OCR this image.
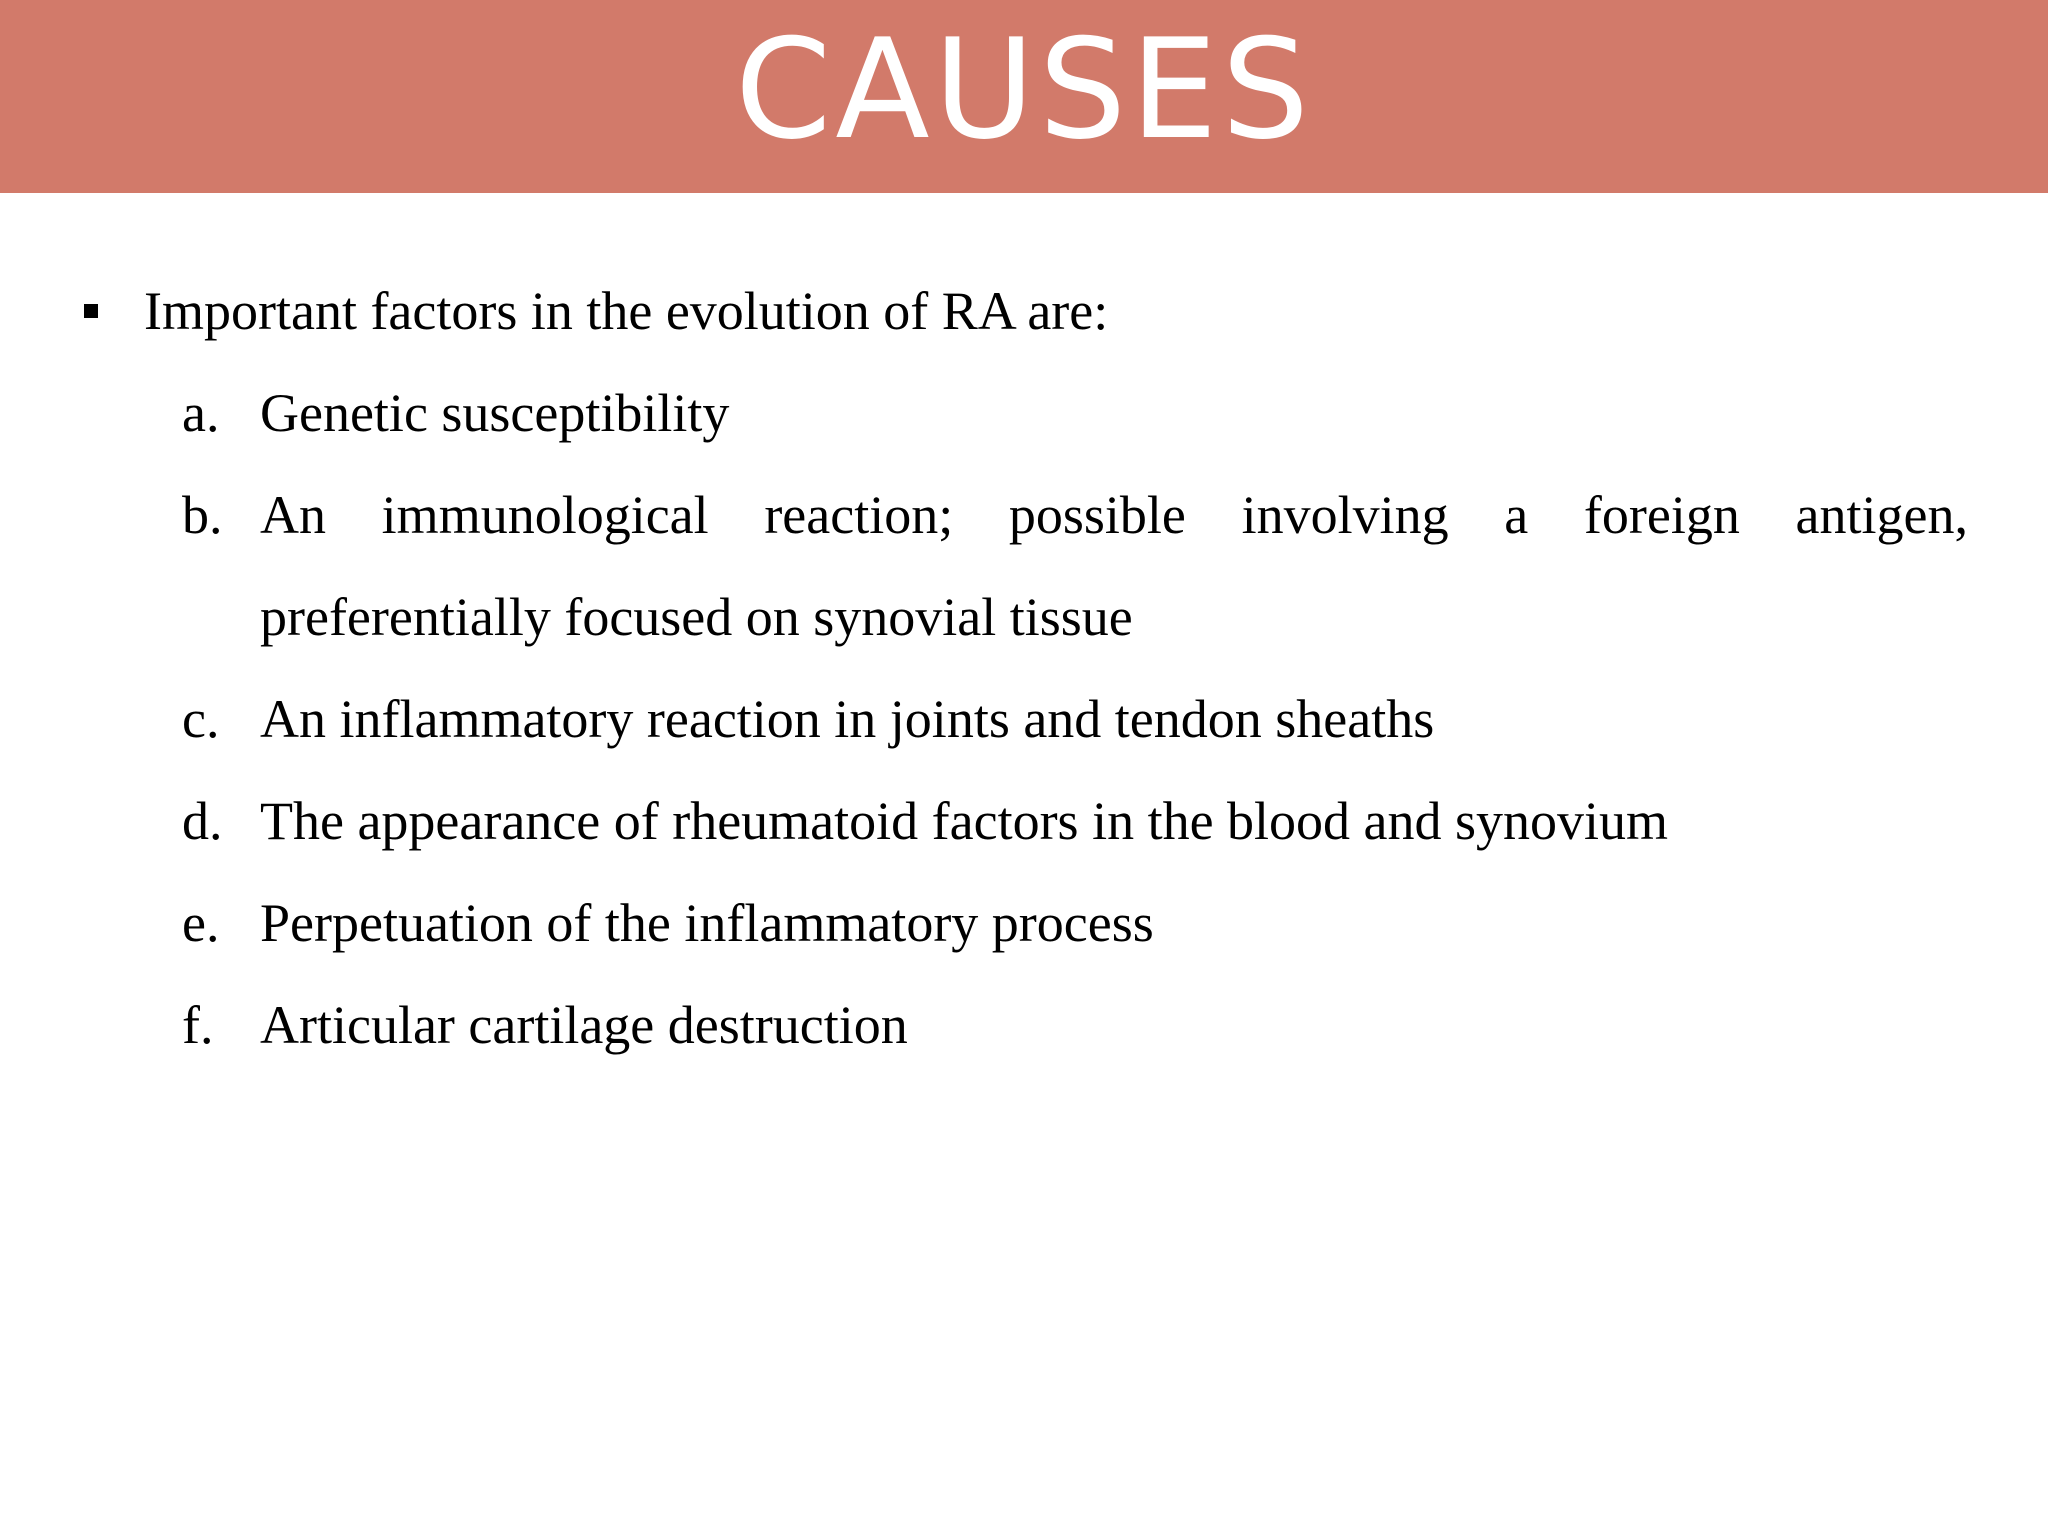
CAUSES
Important factors in the evolution of RA are:
a. Genetic susceptibility
b. An immunological reaction; possible involving a foreign antigen, preferentially focused on synovial tissue
c. An inflammatory reaction in joints and tendon sheaths
d. The appearance of rheumatoid factors in the blood and synovium
e. Perpetuation of the inflammatory process
f. Articular cartilage destruction
